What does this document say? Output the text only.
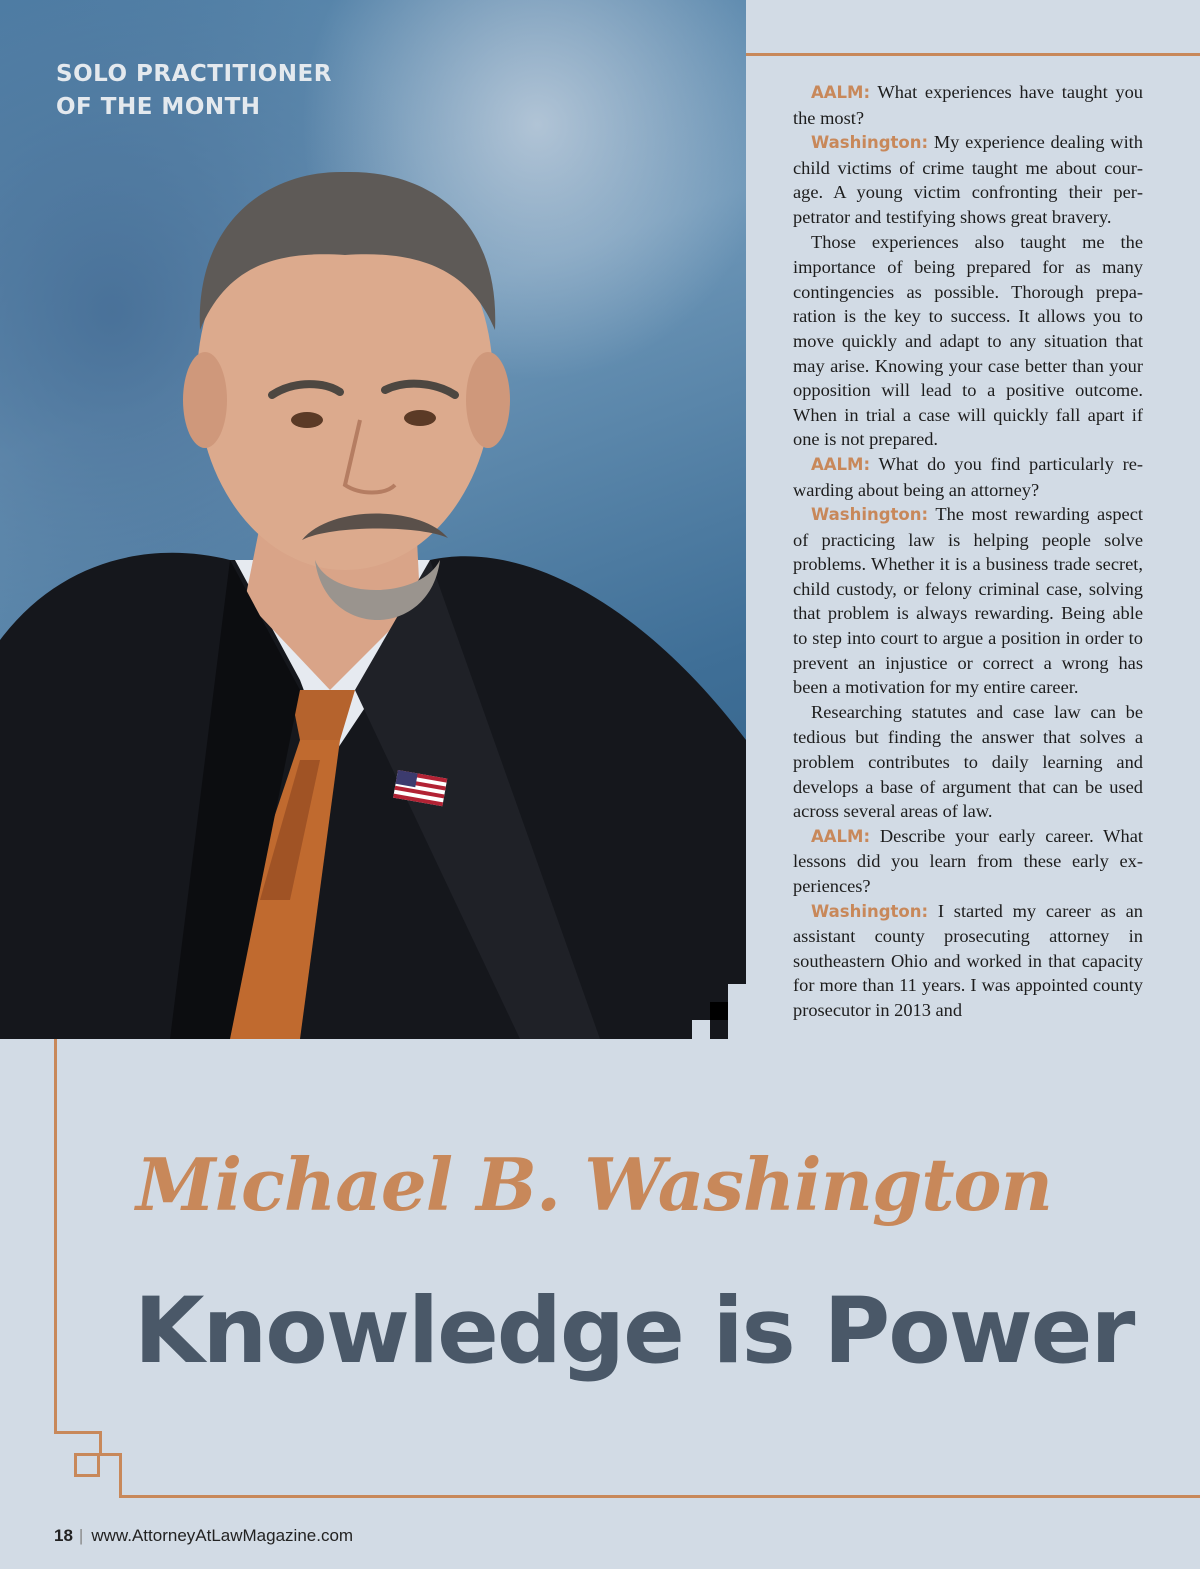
SOLO PRACTITIONER
OF THE MONTH

AALM: What experiences have taught you the most?

Washington: My experience dealing with child victims of crime taught me about courage. A young victim confronting their perpetrator and testifying shows great bravery.

Those experiences also taught me the importance of being prepared for as many contingencies as possible. Thorough preparation is the key to success. It allows you to move quickly and adapt to any situation that may arise. Knowing your case better than your opposition will lead to a positive outcome. When in trial a case will quickly fall apart if one is not prepared.

AALM: What do you find particularly rewarding about being an attorney?

Washington: The most rewarding aspect of practicing law is helping people solve problems. Whether it is a business trade secret, child custody, or felony criminal case, solving that problem is always rewarding. Being able to step into court to argue a position in order to prevent an injustice or correct a wrong has been a motivation for my entire career.

Researching statutes and case law can be tedious but finding the answer that solves a problem contributes to daily learning and develops a base of argument that can be used across several areas of law.

AALM: Describe your early career. What lessons did you learn from these early experiences?

Washington: I started my career as an assistant county prosecuting attorney in southeastern Ohio and worked in that capacity for more than 11 years. I was appointed county prosecutor in 2013 and

Michael B. Washington
Knowledge is Power
18 | www.AttorneyAtLawMagazine.com
